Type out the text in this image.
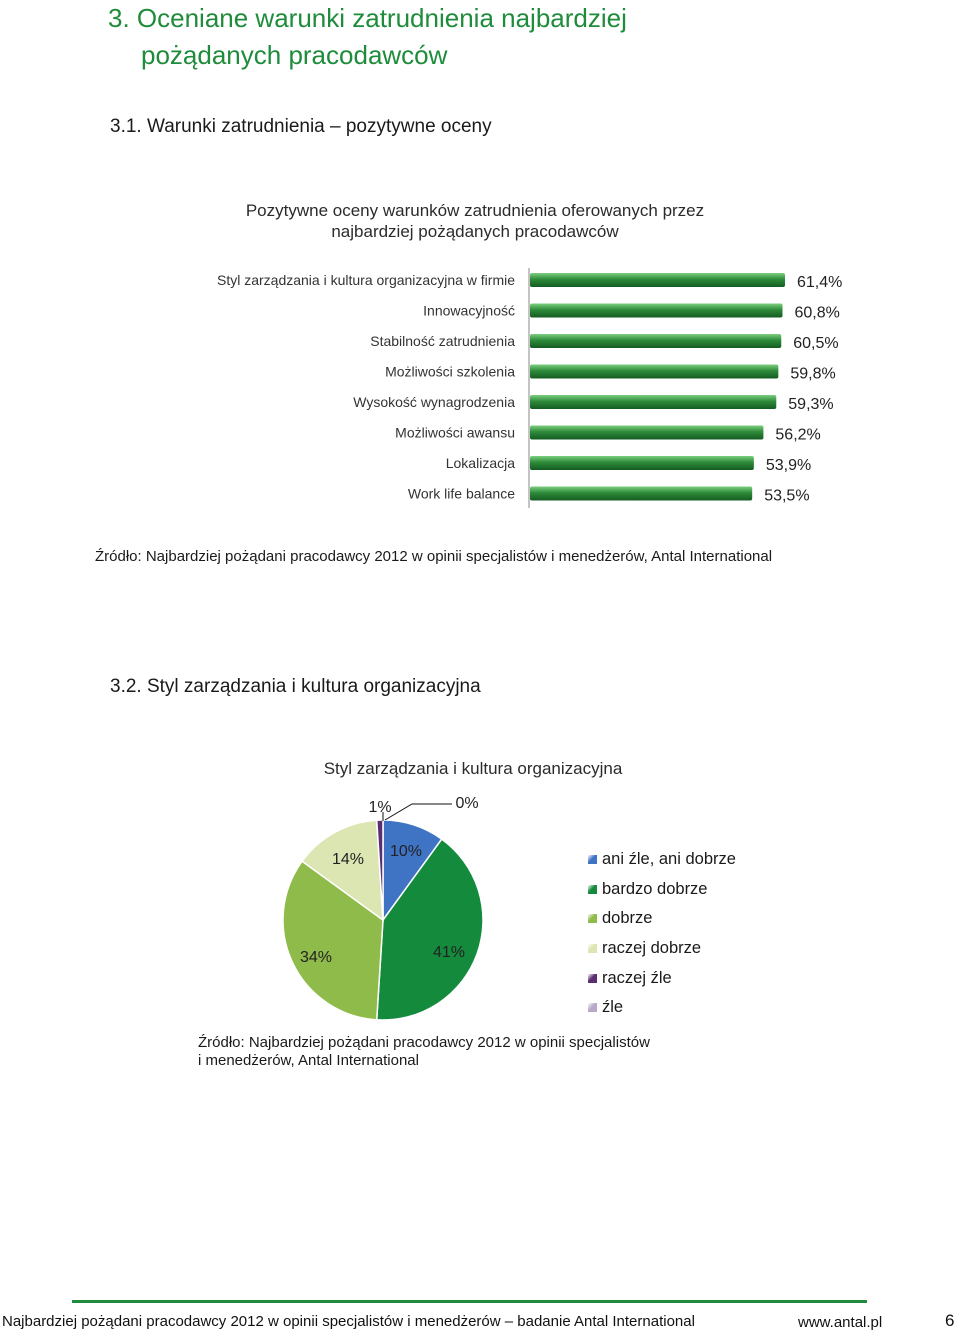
3. Oceniane warunki zatrudnienia najbardziej
pożądanych pracodawców
3.1. Warunki zatrudnienia – pozytywne oceny
Pozytywne oceny warunków zatrudnienia oferowanych przez
najbardziej pożądanych pracodawców
Styl zarządzania i kultura organizacyjna w firmie	61,4%
Innowacyjność	60,8%
Stabilność zatrudnienia	60,5%
Możliwości szkolenia	59,8%
Wysokość wynagrodzenia	59,3%
Możliwości awansu	56,2%
Lokalizacja	53,9%
Work life balance	53,5%
Źródło: Najbardziej pożądani pracodawcy 2012 w opinii specjalistów i menedżerów, Antal International
3.2. Styl zarządzania i kultura organizacyjna
Styl zarządzania i kultura organizacyjna
10%
41%
34%
14%
1%	0%
ani źle, ani dobrze
bardzo dobrze
dobrze
raczej dobrze
raczej źle
źle
Źródło: Najbardziej pożądani pracodawcy 2012 w opinii specjalistów
i menedżerów, Antal International
Najbardziej pożądani pracodawcy 2012 w opinii specjalistów i menedżerów – badanie Antal International	www.antal.pl	6
